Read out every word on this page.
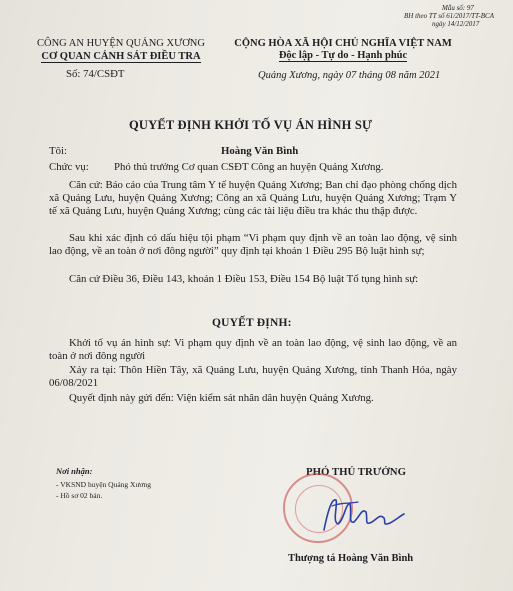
Mẫu số: 97
BH theo TT số 61/2017/TT-BCA
ngày 14/12/2017
CÔNG AN HUYỆN QUẢNG XƯƠNG
CƠ QUAN CẢNH SÁT ĐIỀU TRA
Số: 74/CSĐT
CỘNG HÒA XÃ HỘI CHỦ NGHĨA VIỆT NAM
Độc lập - Tự do - Hạnh phúc
Quảng Xương, ngày 07 tháng 08 năm 2021
QUYẾT ĐỊNH KHỞI TỐ VỤ ÁN HÌNH SỰ
Tôi:	Hoàng Văn Bình
Chức vụ: Phó thủ trưởng Cơ quan CSĐT Công an huyện Quảng Xương.
Căn cứ: Báo cáo của Trung tâm Y tế huyện Quảng Xương; Ban chỉ đạo phòng chống dịch xã Quảng Lưu, huyện Quảng Xương; Công an xã Quảng Lưu, huyện Quảng Xương; Trạm Y tế xã Quảng Lưu, huyện Quảng Xương; cùng các tài liệu điều tra khác thu thập được.
Sau khi xác định có dấu hiệu tội phạm “Vi phạm quy định về an toàn lao động, vệ sinh lao động, về an toàn ở nơi đông người” quy định tại khoản 1 Điều 295 Bộ luật hình sự;
Căn cứ Điều 36, Điều 143, khoản 1 Điều 153, Điều 154 Bộ luật Tố tụng hình sự:
QUYẾT ĐỊNH:
Khởi tố vụ án hình sự: Vi phạm quy định về an toàn lao động, vệ sinh lao động, về an toàn ở nơi đông người
Xảy ra tại: Thôn Hiền Tây, xã Quảng Lưu, huyện Quảng Xương, tỉnh Thanh Hóa, ngày 06/08/2021
Quyết định này gửi đến: Viện kiểm sát nhân dân huyện Quảng Xương.
Nơi nhận:
- VKSND huyện Quảng Xương
- Hồ sơ 02 bản.
PHÓ THỦ TRƯỞNG
Thượng tá Hoàng Văn Bình
